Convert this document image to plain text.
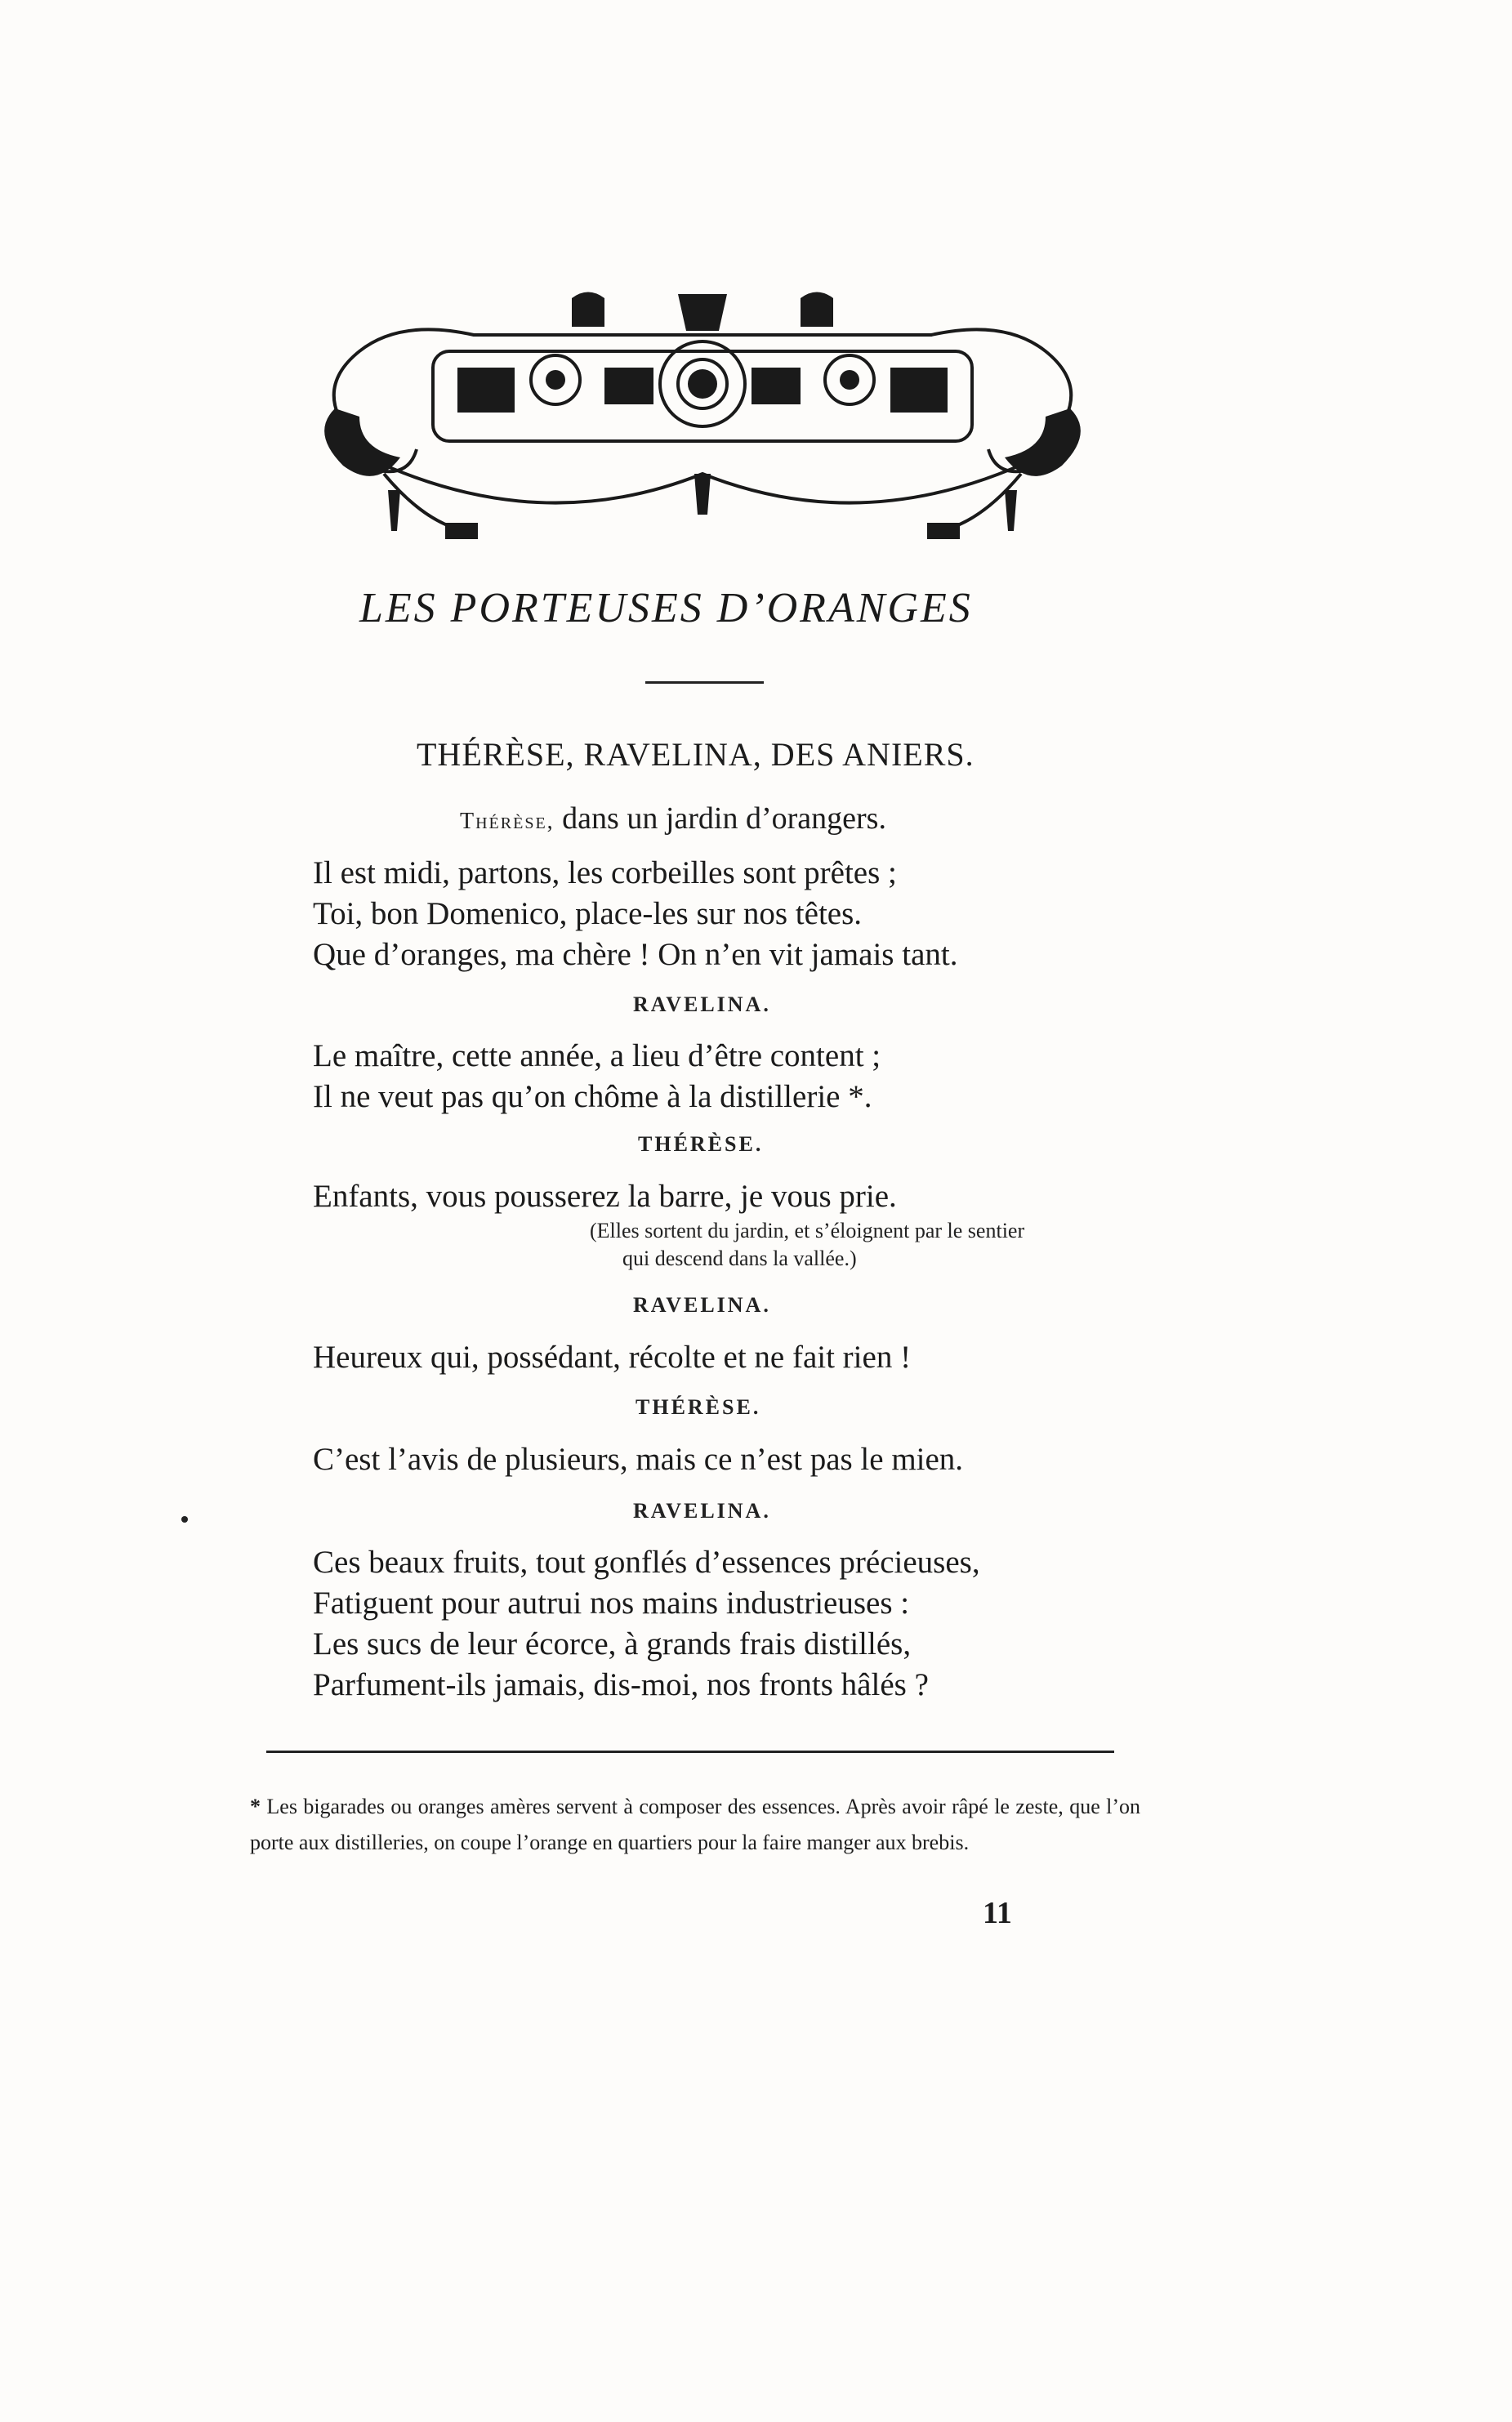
LES PORTEUSES D’ORANGES
THÉRÈSE, RAVELINA, DES ANIERS.
Thérèse, dans un jardin d’orangers.
Il est midi, partons, les corbeilles sont prêtes ;
Toi, bon Domenico, place-les sur nos têtes.
Que d’oranges, ma chère ! On n’en vit jamais tant.
RAVELINA.
Le maître, cette année, a lieu d’être content ;
Il ne veut pas qu’on chôme à la distillerie *.
THÉRÈSE.
Enfants, vous pousserez la barre, je vous prie.
(Elles sortent du jardin, et s’éloignent par le sentier
qui descend dans la vallée.)
RAVELINA.
Heureux qui, possédant, récolte et ne fait rien !
THÉRÈSE.
C’est l’avis de plusieurs, mais ce n’est pas le mien.
RAVELINA.
Ces beaux fruits, tout gonflés d’essences précieuses,
Fatiguent pour autrui nos mains industrieuses :
Les sucs de leur écorce, à grands frais distillés,
Parfument-ils jamais, dis-moi, nos fronts hâlés ?
* Les bigarades ou oranges amères servent à composer des essences. Après avoir râpé le zeste, que l’on porte aux distilleries, on coupe l’orange en quartiers pour la faire manger aux brebis.
11
